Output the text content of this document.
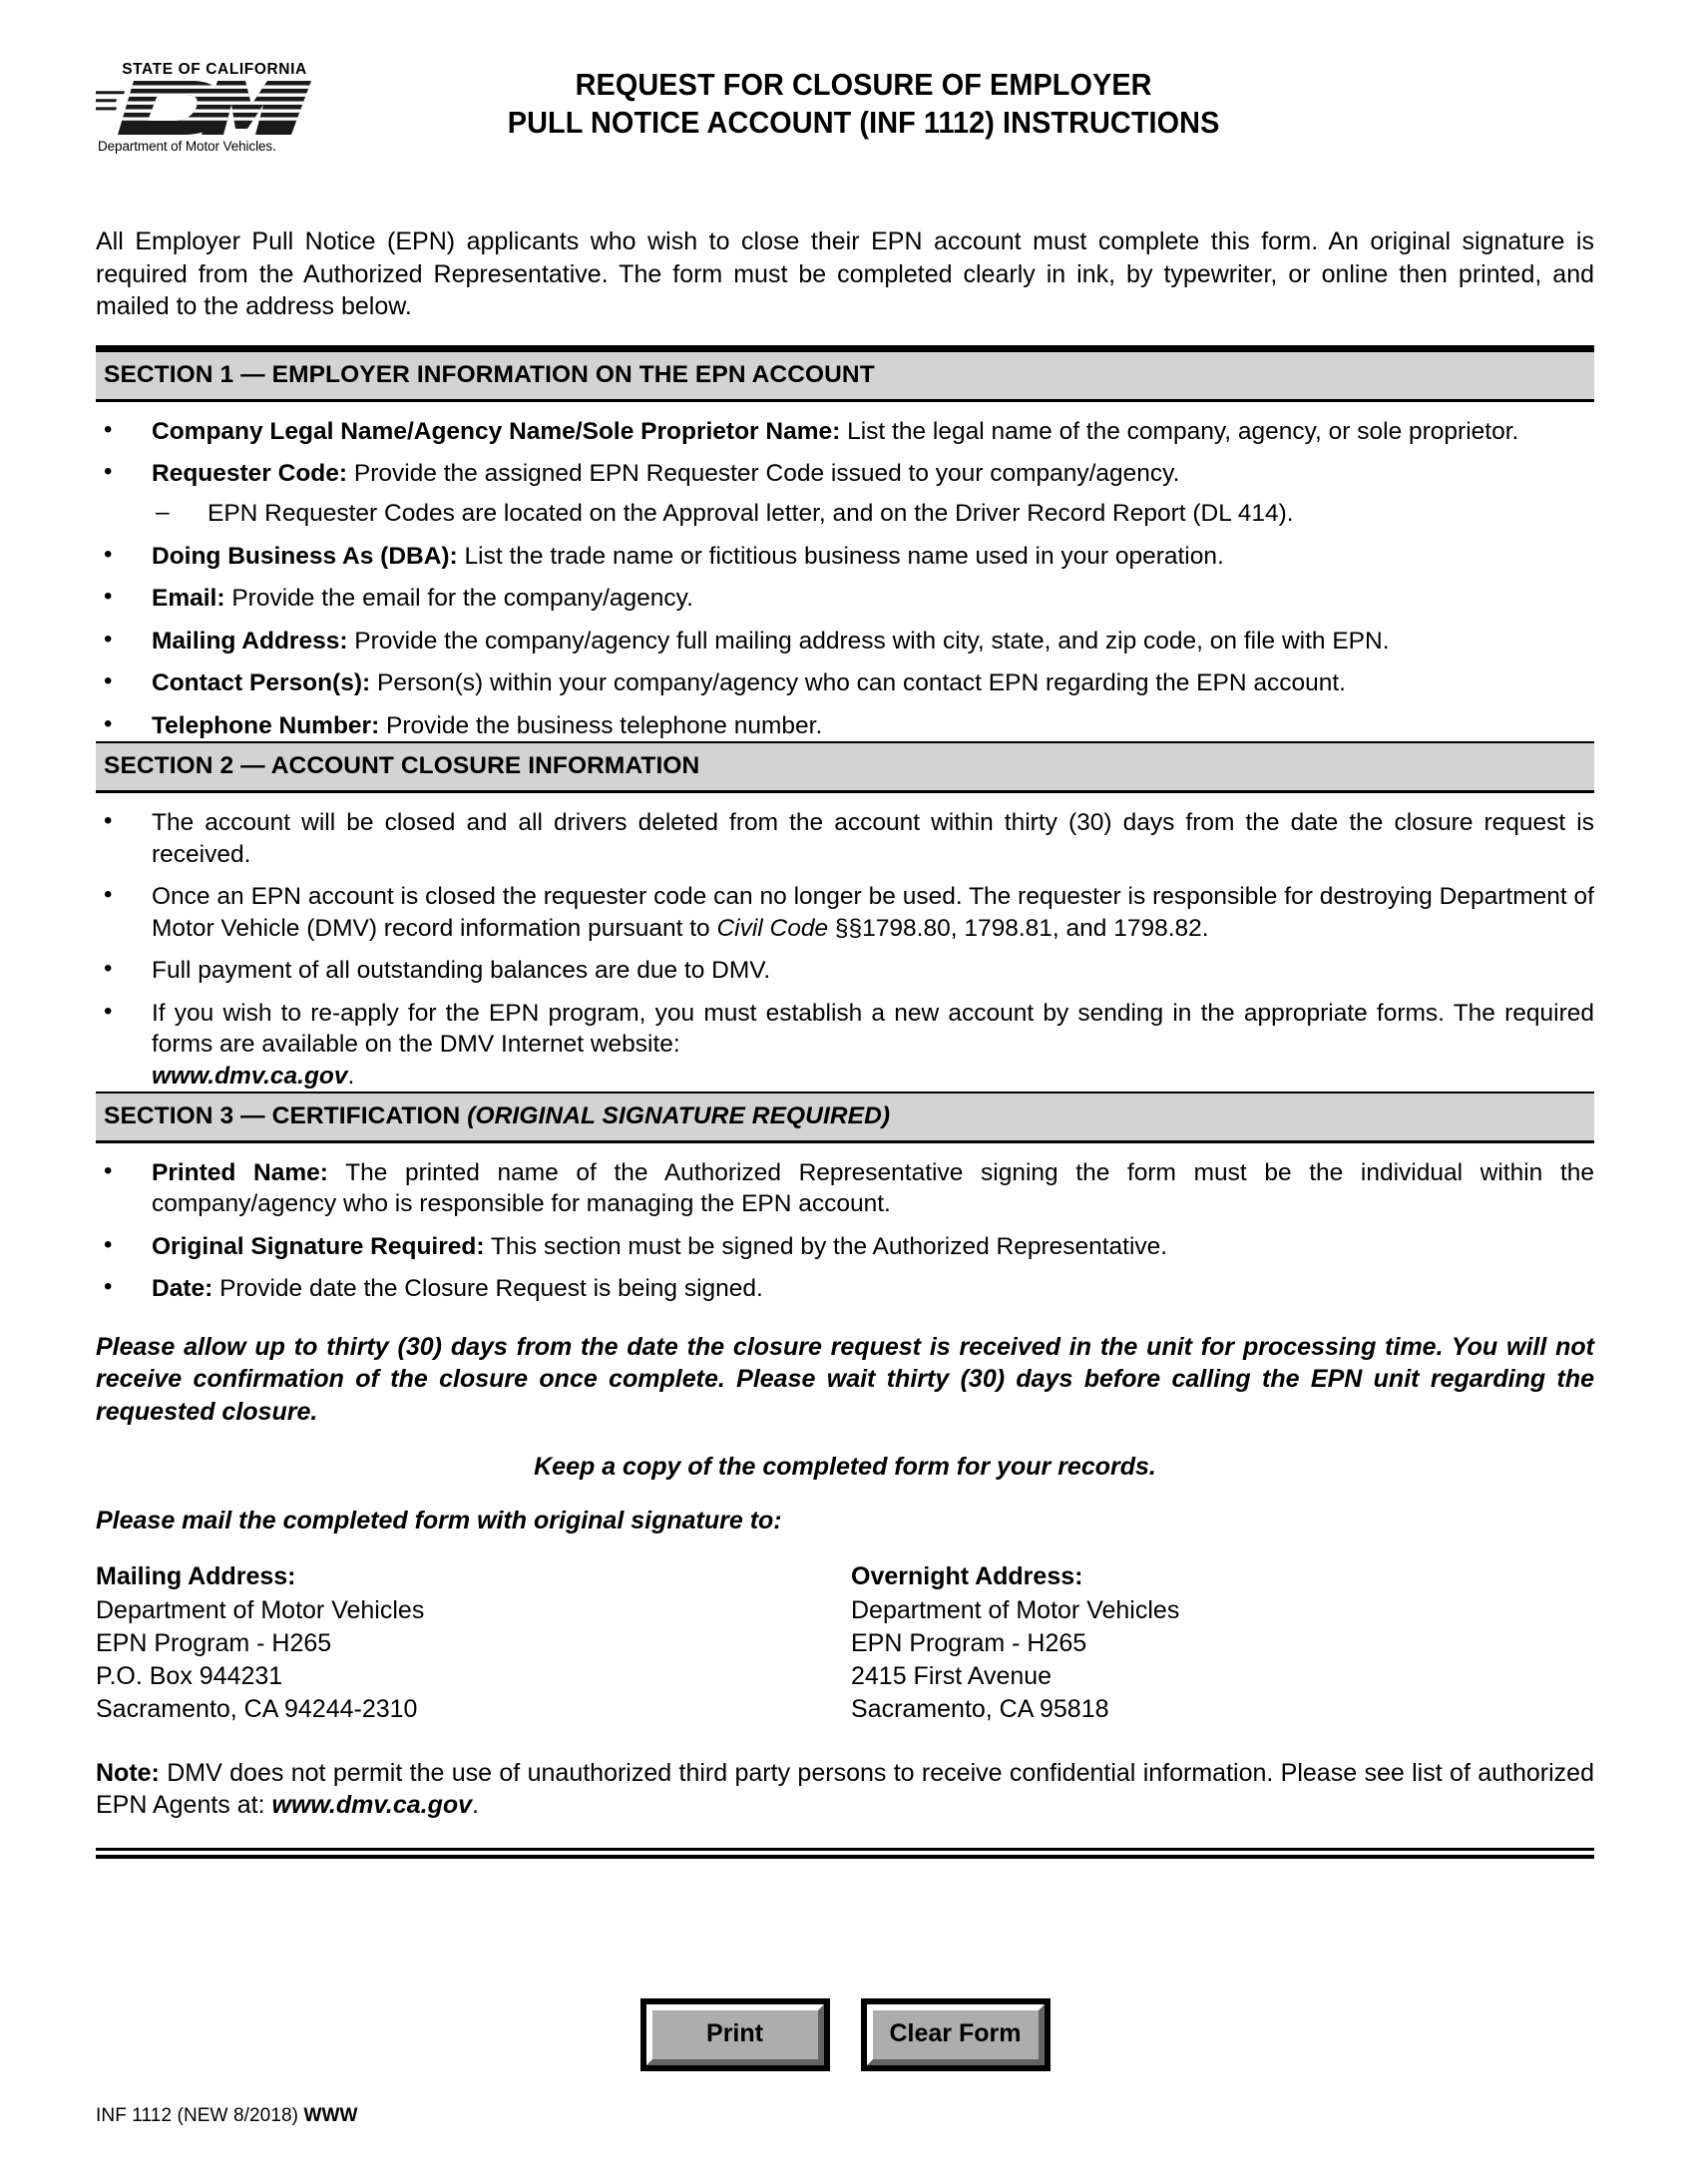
STATE OF CALIFORNIA
Department of Motor Vehicles.
REQUEST FOR CLOSURE OF EMPLOYER
PULL NOTICE ACCOUNT (INF 1112) INSTRUCTIONS

All Employer Pull Notice (EPN) applicants who wish to close their EPN account must complete this form. An original signature is required from the Authorized Representative. The form must be completed clearly in ink, by typewriter, or online then printed, and mailed to the address below.

SECTION 1 — EMPLOYER INFORMATION ON THE EPN ACCOUNT
• Company Legal Name/Agency Name/Sole Proprietor Name: List the legal name of the company, agency, or sole proprietor.
• Requester Code: Provide the assigned EPN Requester Code issued to your company/agency.
– EPN Requester Codes are located on the Approval letter, and on the Driver Record Report (DL 414).
• Doing Business As (DBA): List the trade name or fictitious business name used in your operation.
• Email: Provide the email for the company/agency.
• Mailing Address: Provide the company/agency full mailing address with city, state, and zip code, on file with EPN.
• Contact Person(s): Person(s) within your company/agency who can contact EPN regarding the EPN account.
• Telephone Number: Provide the business telephone number.
SECTION 2 — ACCOUNT CLOSURE INFORMATION
• The account will be closed and all drivers deleted from the account within thirty (30) days from the date the closure request is received.
• Once an EPN account is closed the requester code can no longer be used. The requester is responsible for destroying Department of Motor Vehicle (DMV) record information pursuant to Civil Code §§1798.80, 1798.81, and 1798.82.
• Full payment of all outstanding balances are due to DMV.
• If you wish to re-apply for the EPN program, you must establish a new account by sending in the appropriate forms. The required forms are available on the DMV Internet website:
www.dmv.ca.gov.
SECTION 3 — CERTIFICATION (ORIGINAL SIGNATURE REQUIRED)
• Printed Name: The printed name of the Authorized Representative signing the form must be the individual within the company/agency who is responsible for managing the EPN account.
• Original Signature Required: This section must be signed by the Authorized Representative.
• Date: Provide date the Closure Request is being signed.

Please allow up to thirty (30) days from the date the closure request is received in the unit for processing time. You will not receive confirmation of the closure once complete. Please wait thirty (30) days before calling the EPN unit regarding the requested closure.

Keep a copy of the completed form for your records.

Please mail the completed form with original signature to:

Mailing Address:
Department of Motor Vehicles
EPN Program - H265
P.O. Box 944231
Sacramento, CA 94244-2310
Overnight Address:
Department of Motor Vehicles
EPN Program - H265
2415 First Avenue
Sacramento, CA 95818

Note: DMV does not permit the use of unauthorized third party persons to receive confidential information. Please see list of authorized EPN Agents at: www.dmv.ca.gov.

Print	Clear Form
INF 1112 (NEW 8/2018) WWW
